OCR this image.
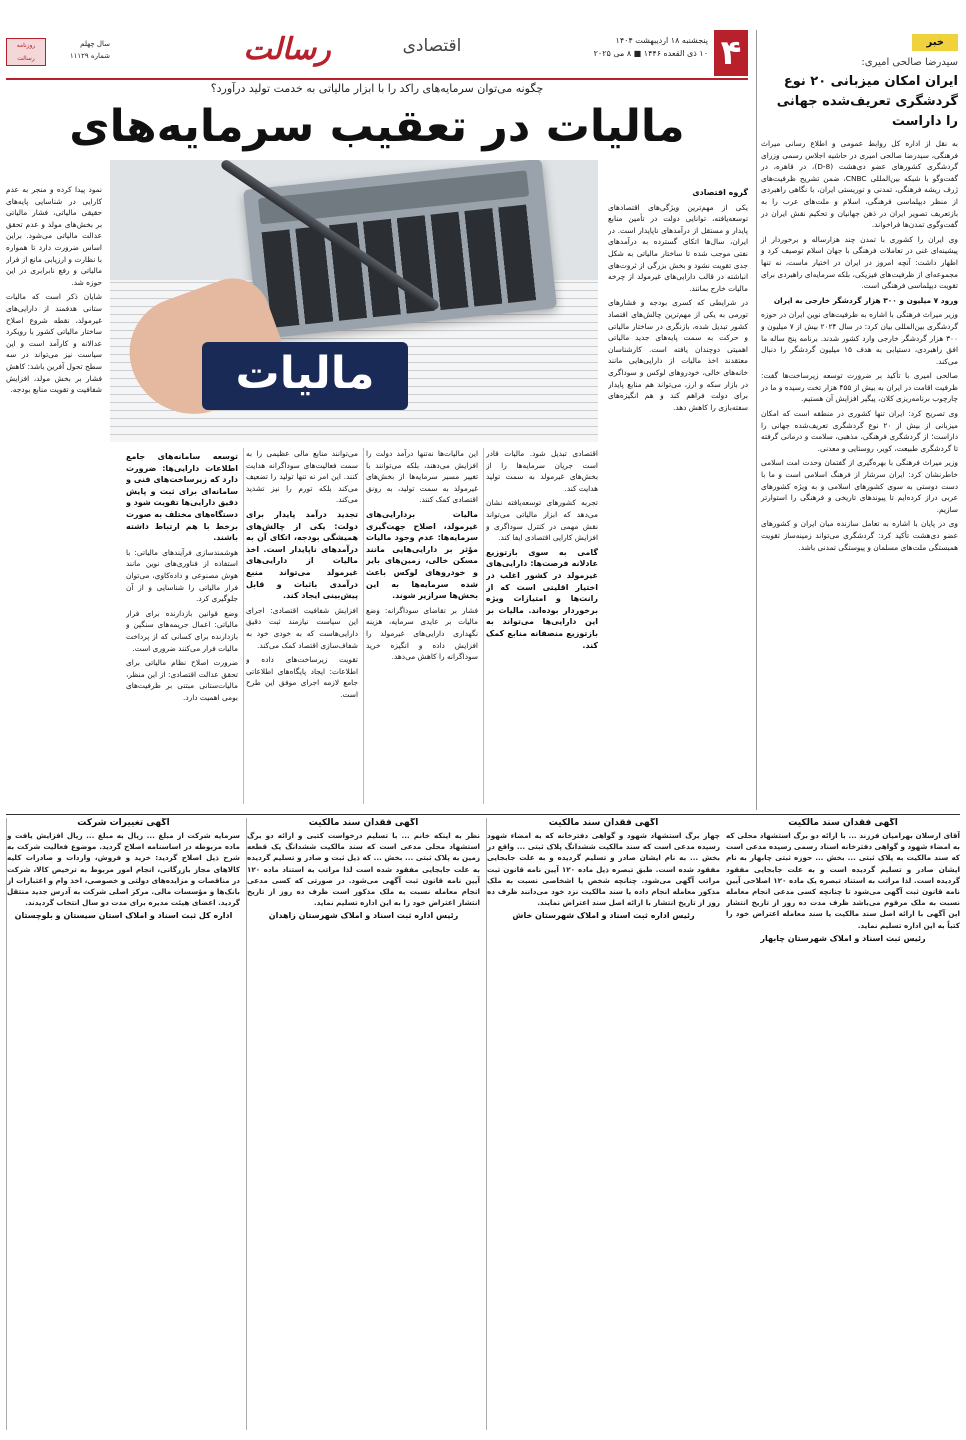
۴
پنجشنبه ۱۸ اردیبهشت ۱۴۰۴
۱۰ ذی القعده ۱۴۴۶ ■ ۸ می ۲۰۲۵
اقتصادی
رسالت
سال چهلم
شماره ۱۱۱۲۹
روزنامه
رسالت
خبر
سیدرضا صالحی امیری:
ایران امکان میزبانی ۲۰ نوع گردشگری تعریف‌شده جهانی را داراست

به نقل از اداره کل روابط عمومی و اطلاع رسانی میراث فرهنگی، سیدرضا صالحی امیری در حاشیه اجلاس رسمی وزرای گردشگری کشورهای عضو دی‌هشت (D-8)، در قاهره، در گفت‌وگو با شبکه بین‌المللی CNBC، ضمن تشریح ظرفیت‌های ژرف ریشه فرهنگی، تمدنی و توریستی ایران، با نگاهی راهبردی از منظر دیپلماسی فرهنگی، اسلام و ملت‌های عرب را به بازتعریف تصویر ایران در ذهن جهانیان و تحکیم نقش ایران در گفت‌وگوی تمدن‌ها فراخواند.

وی ایران را کشوری با تمدن چند هزارساله و برخوردار از پیشینه‌ای غنی در تعاملات فرهنگی با جهان اسلام توصیف کرد و اظهار داشت: آنچه امروز در ایران در اختیار ماست، نه تنها مجموعه‌ای از ظرفیت‌های فیزیکی، بلکه سرمایه‌ای راهبردی برای تقویت دیپلماسی فرهنگی است.

ورود ۷ میلیون و ۳۰۰ هزار گردشگر خارجی به ایران

وزیر میراث فرهنگی با اشاره به ظرفیت‌های نوین ایران در حوزه گردشگری بین‌المللی بیان کرد: در سال ۲۰۲۴ بیش از ۷ میلیون و ۳۰۰ هزار گردشگر خارجی وارد کشور شدند. برنامه پنج ساله ما افق راهبردی، دستیابی به هدف ۱۵ میلیون گردشگر را دنبال می‌کند.

صالحی امیری با تأکید بر ضرورت توسعه زیرساخت‌ها گفت: ظرفیت اقامت در ایران به بیش از ۴۵۵ هزار تخت رسیده و ما در چارچوب برنامه‌ریزی کلان، پیگیر افزایش آن هستیم.

وی تصریح کرد: ایران تنها کشوری در منطقه است که امکان میزبانی از بیش از ۲۰ نوع گردشگری تعریف‌شده جهانی را داراست؛ از گردشگری فرهنگی، مذهبی، سلامت و درمانی گرفته تا گردشگری طبیعت، کویر، روستایی و معدنی.

وزیر میراث فرهنگی با بهره‌گیری از گفتمان وحدت امت اسلامی خاطرنشان کرد: ایران سرشار از فرهنگ اسلامی است و ما با دست دوستی به سوی کشورهای اسلامی و به ویژه کشورهای عربی دراز کرده‌ایم تا پیوندهای تاریخی و فرهنگی را استوارتر سازیم.

وی در پایان با اشاره به تعامل سازنده میان ایران و کشورهای عضو دی‌هشت تأکید کرد: گردشگری می‌تواند زمینه‌ساز تقویت همبستگی ملت‌های مسلمان و پیوستگی تمدنی باشد.

چگونه می‌توان سرمایه‌های راکد را با ابزار مالیاتی به خدمت تولید درآورد؟
مالیات در تعقیب سرمایه‌های
مالیات
گروه اقتصادی

یکی از مهم‌ترین ویژگی‌های اقتصادهای توسعه‌یافته، توانایی دولت در تأمین منابع پایدار و مستقل از درآمدهای ناپایدار است. در ایران، سال‌ها اتکای گسترده به درآمدهای نفتی موجب شده تا ساختار مالیاتی به شکل جدی تقویت نشود و بخش بزرگی از ثروت‌های انباشته در قالب دارایی‌های غیرمولد از چرخه مالیات خارج بمانند.

در شرایطی که کسری بودجه و فشارهای تورمی به یکی از مهم‌ترین چالش‌های اقتصاد کشور تبدیل شده، بازنگری در ساختار مالیاتی و حرکت به سمت پایه‌های جدید مالیاتی اهمیتی دوچندان یافته است. کارشناسان معتقدند اخذ مالیات از دارایی‌هایی مانند خانه‌های خالی، خودروهای لوکس و سوداگری در بازار سکه و ارز، می‌تواند هم منابع پایدار برای دولت فراهم کند و هم انگیزه‌های سفته‌بازی را کاهش دهد.

نمود پیدا کرده و منجر به عدم کارایی در شناسایی پایه‌های حقیقی مالیاتی، فشار مالیاتی بر بخش‌های مولد و عدم تحقق عدالت مالیاتی می‌شود. براین اساس ضرورت دارد تا همواره با نظارت و ارزیابی مانع از فرار مالیاتی و رفع نابرابری در این حوزه شد.

شایان ذکر است که مالیات ستانی هدفمند از دارایی‌های غیرمولد، نقطه شروع اصلاح ساختار مالیاتی کشور با رویکرد عدالانه و کارآمد است و این سیاست نیز می‌تواند در سه سطح تحول آفرین باشد: کاهش فشار بر بخش مولد، افزایش شفافیت و تقویت منابع بودجه.

اقتصادی تبدیل شود. مالیات قادر است جریان سرمایه‌ها را از بخش‌های غیرمولد به سمت تولید هدایت کند.

تجربه کشورهای توسعه‌یافته نشان می‌دهد که ابزار مالیاتی می‌تواند نقش مهمی در کنترل سوداگری و افزایش کارایی اقتصادی ایفا کند.

گامی به سوی بازتوزیع عادلانه فرصت‌ها: دارایی‌های غیرمولد در کشور اغلب در اختیار اقلیتی است که از رانت‌ها و امتیازات ویژه برخوردار بوده‌اند. مالیات بر این دارایی‌ها می‌تواند به بازتوزیع منصفانه منابع کمک کند.

این مالیات‌ها نه‌تنها درآمد دولت را افزایش می‌دهند، بلکه می‌توانند با تغییر مسیر سرمایه‌ها از بخش‌های غیرمولد به سمت تولید، به رونق اقتصادی کمک کنند.

مالیات بردارایی‌های غیرمولد، اصلاح جهت‌گیری سرمایه‌ها: عدم وجود مالیات مؤثر بر دارایی‌هایی مانند مسکن خالی، زمین‌های بایر و خودروهای لوکس باعث شده سرمایه‌ها به این بخش‌ها سرازیر شوند.

فشار بر تقاضای سوداگرانه: وضع مالیات بر عایدی سرمایه، هزینه نگهداری دارایی‌های غیرمولد را افزایش داده و انگیزه خرید سوداگرانه را کاهش می‌دهد.

می‌توانند منابع مالی عظیمی را به سمت فعالیت‌های سوداگرانه هدایت کنند. این امر نه تنها تولید را تضعیف می‌کند بلکه تورم را نیز تشدید می‌کند.

تجدید درآمد پایدار برای دولت: یکی از چالش‌های همیشگی بودجه، اتکای آن به درآمدهای ناپایدار است. اخذ مالیات از دارایی‌های غیرمولد می‌تواند منبع درآمدی باثبات و قابل پیش‌بینی ایجاد کند.

افزایش شفافیت اقتصادی: اجرای این سیاست نیازمند ثبت دقیق دارایی‌هاست که به خودی خود به شفاف‌سازی اقتصاد کمک می‌کند.

تقویت زیرساخت‌های داده و اطلاعات: ایجاد پایگاه‌های اطلاعاتی جامع لازمه اجرای موفق این طرح است.

توسعه سامانه‌های جامع اطلاعات دارایی‌ها: ضرورت دارد که زیرساخت‌های فنی و سامانه‌ای برای ثبت و پایش دقیق دارایی‌ها تقویت شود و دستگاه‌های مختلف به صورت برخط با هم ارتباط داشته باشند.

هوشمندسازی فرآیندهای مالیاتی: با استفاده از فناوری‌های نوین مانند هوش مصنوعی و داده‌کاوی، می‌توان فرار مالیاتی را شناسایی و از آن جلوگیری کرد.

وضع قوانین بازدارنده برای فرار مالیاتی: اعمال جریمه‌های سنگین و بازدارنده برای کسانی که از پرداخت مالیات فرار می‌کنند ضروری است.

ضرورت اصلاح نظام مالیاتی برای تحقق عدالت اقتصادی: از این منظر، مالیات‌ستانی مبتنی بر ظرفیت‌های بومی اهمیت دارد.

آگهی فقدان سند مالکیت
آقای ارسلان بهرامیان فرزند ... با ارائه دو برگ استشهاد محلی که به امضاء شهود و گواهی دفترخانه اسناد رسمی رسیده مدعی است که سند مالکیت به پلاک ثبتی ... بخش ... حوزه ثبتی چابهار به نام ایشان صادر و تسلیم گردیده است و به علت جابجایی مفقود گردیده است. لذا مراتب به استناد تبصره یک ماده ۱۲۰ اصلاحی آیین نامه قانون ثبت آگهی می‌شود تا چنانچه کسی مدعی انجام معامله نسبت به ملک مرقوم می‌باشد ظرف مدت ده روز از تاریخ انتشار این آگهی با ارائه اصل سند مالکیت یا سند معامله اعتراض خود را کتباً به این اداره تسلیم نماید.
رئیس ثبت اسناد و املاک شهرستان چابهار
آگهی فقدان سند مالکیت
چهار برگ استشهاد شهود و گواهی دفترخانه که به امضاء شهود رسیده مدعی است که سند مالکیت ششدانگ پلاک ثبتی ... واقع در بخش ... به نام ایشان صادر و تسلیم گردیده و به علت جابجایی مفقود شده است. طبق تبصره ذیل ماده ۱۲۰ آیین نامه قانون ثبت مراتب آگهی می‌شود. چنانچه شخص یا اشخاصی نسبت به ملک مذکور معامله انجام داده یا سند مالکیت نزد خود می‌دانند ظرف ده روز از تاریخ انتشار با ارائه اصل سند اعتراض نمایند.
رئیس اداره ثبت اسناد و املاک شهرستان خاش
آگهی فقدان سند مالکیت
نظر به اینکه خانم ... با تسلیم درخواست کتبی و ارائه دو برگ استشهاد محلی مدعی است که سند مالکیت ششدانگ یک قطعه زمین به پلاک ثبتی ... بخش ... که ذیل ثبت و صادر و تسلیم گردیده به علت جابجایی مفقود شده است لذا مراتب به استناد ماده ۱۲۰ آیین نامه قانون ثبت آگهی می‌شود. در صورتی که کسی مدعی انجام معامله نسبت به ملک مذکور است ظرف ده روز از تاریخ انتشار اعتراض خود را به این اداره تسلیم نماید.
رئیس اداره ثبت اسناد و املاک شهرستان زاهدان
آگهی تغییرات شرکت
سرمایه شرکت از مبلغ ... ریال به مبلغ ... ریال افزایش یافت و ماده مربوطه در اساسنامه اصلاح گردید. موضوع فعالیت شرکت به شرح ذیل اصلاح گردید: خرید و فروش، واردات و صادرات کلیه کالاهای مجاز بازرگانی، انجام امور مربوط به ترخیص کالا، شرکت در مناقصات و مزایده‌های دولتی و خصوصی، اخذ وام و اعتبارات از بانک‌ها و مؤسسات مالی. مرکز اصلی شرکت به آدرس جدید منتقل گردید. اعضای هیئت مدیره برای مدت دو سال انتخاب گردیدند.
اداره کل ثبت اسناد و املاک استان سیستان و بلوچستان
